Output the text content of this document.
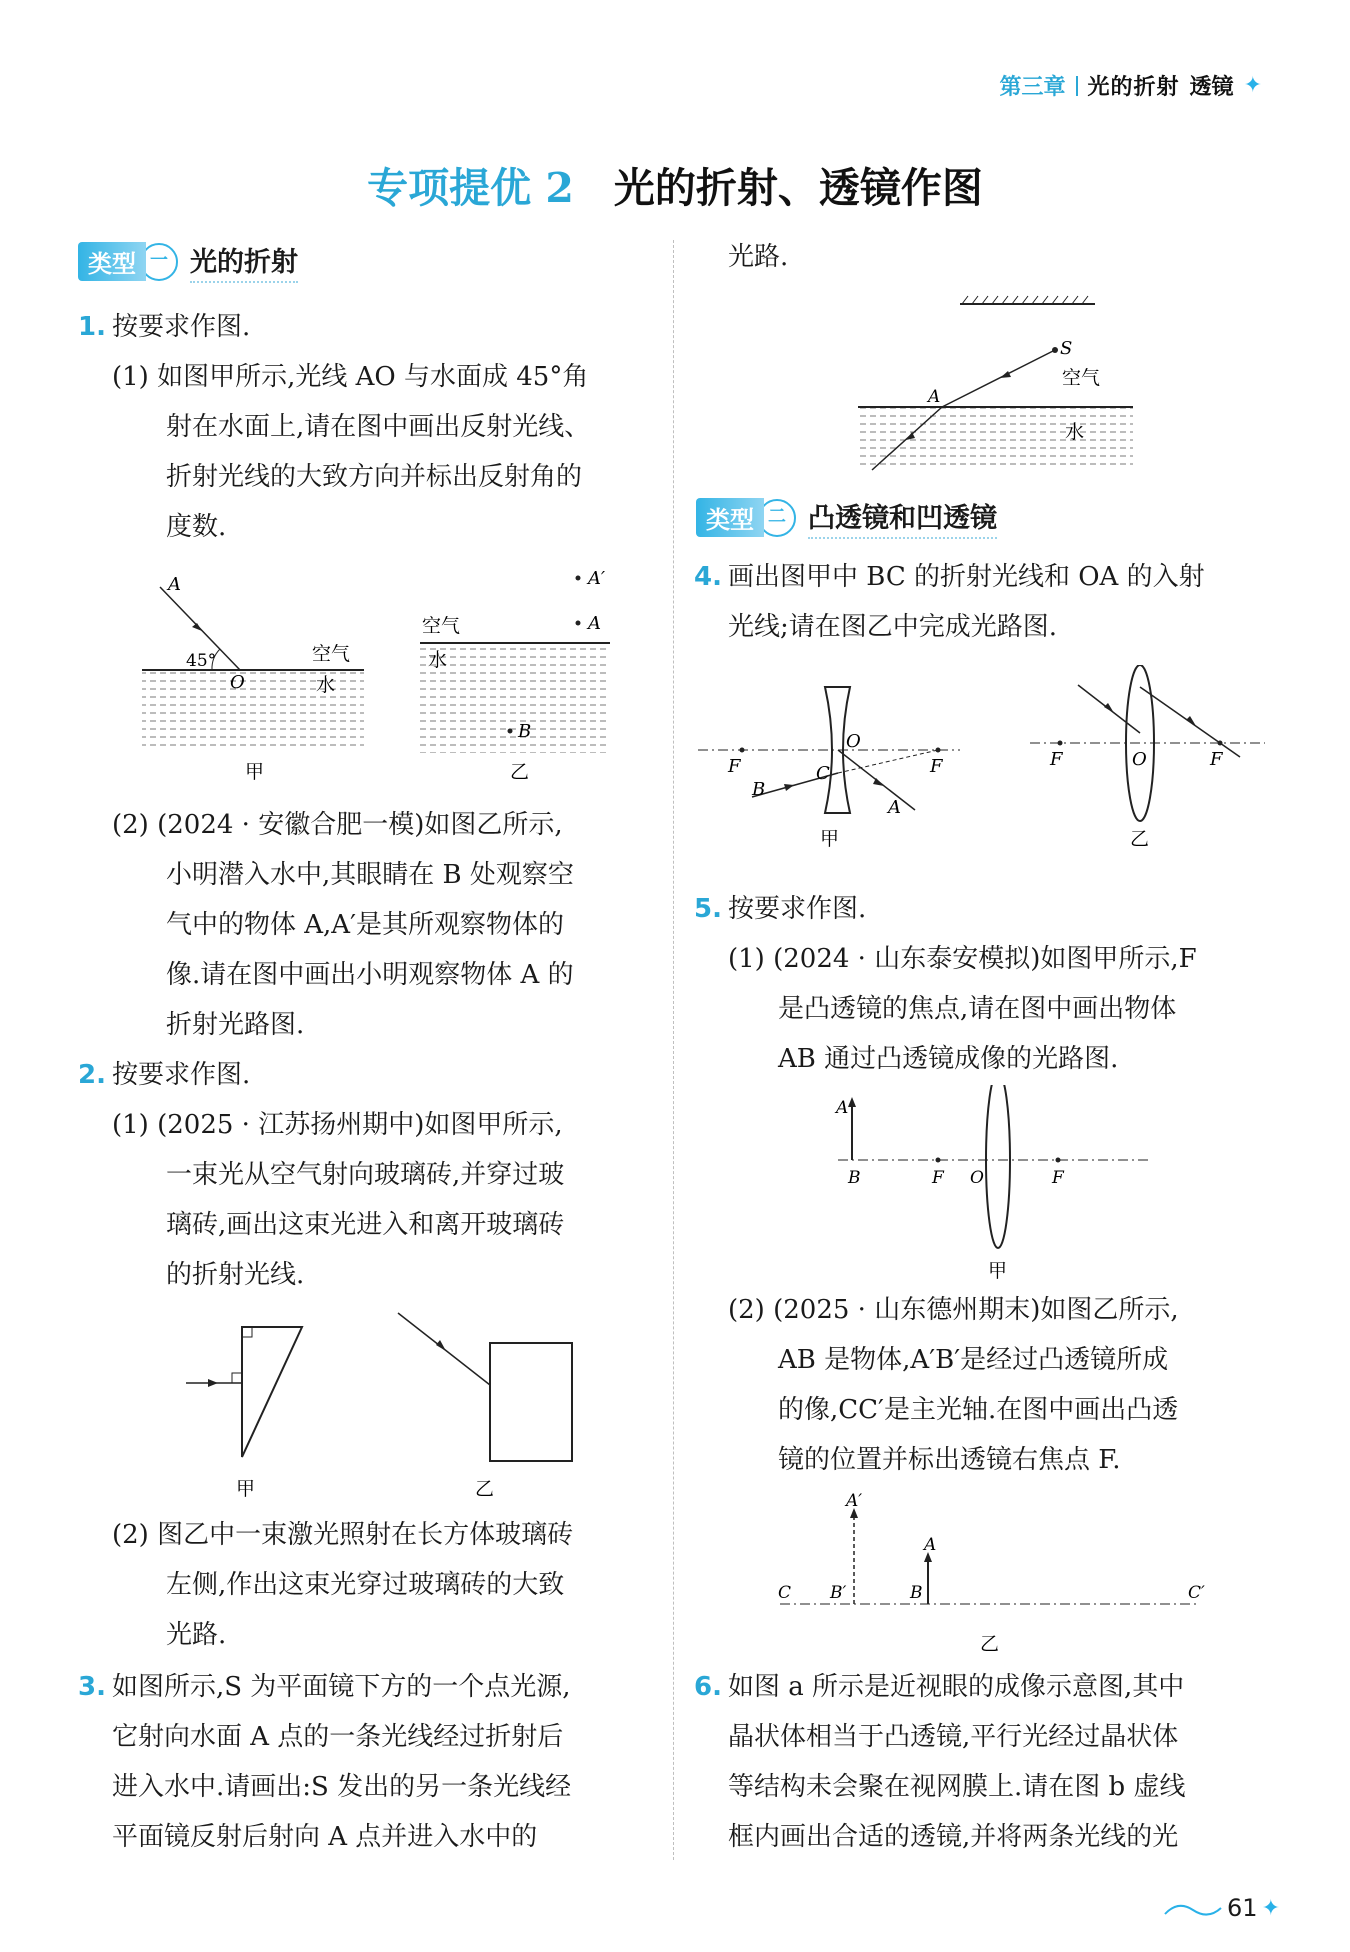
第三章 光的折射 透镜 ✦
专项提优 2 光的折射、透镜作图
类型 一 光的折射
1. 按要求作图.
(1) 如图甲所示,光线 AO 与水面成 45°角
射在水面上,请在图中画出反射光线、
折射光线的大致方向并标出反射角的
度数.
A
O
45°	空气
水
甲
A′
A
B
空气
水
乙
(2) (2024 · 安徽合肥一模)如图乙所示,
小明潜入水中,其眼睛在 B 处观察空
气中的物体 A,A′是其所观察物体的
像.请在图中画出小明观察物体 A 的
折射光路图.
2. 按要求作图.
(1) (2025 · 江苏扬州期中)如图甲所示,
一束光从空气射向玻璃砖,并穿过玻
璃砖,画出这束光进入和离开玻璃砖
的折射光线.
甲	乙
(2) 图乙中一束激光照射在长方体玻璃砖
左侧,作出这束光穿过玻璃砖的大致
光路.
3. 如图所示,S 为平面镜下方的一个点光源,
它射向水面 A 点的一条光线经过折射后
进入水中.请画出:S 发出的另一条光线经
平面镜反射后射向 A 点并进入水中的
光路.
S
A
空气
水
类型 二 凸透镜和凹透镜
4. 画出图甲中 BC 的折射光线和 OA 的入射
光线;请在图乙中完成光路图.
F	F
O
C
B
A
甲
F	O	F
乙
5. 按要求作图.
(1) (2024 · 山东泰安模拟)如图甲所示,F
是凸透镜的焦点,请在图中画出物体
AB 通过凸透镜成像的光路图.
A
B	F O	F
甲
(2) (2025 · 山东德州期末)如图乙所示,
AB 是物体,A′B′是经过凸透镜所成
的像,CC′是主光轴.在图中画出凸透
镜的位置并标出透镜右焦点 F.
A′
A
C B′	B	C′
乙
6. 如图 a 所示是近视眼的成像示意图,其中
晶状体相当于凸透镜,平行光经过晶状体
等结构未会聚在视网膜上.请在图 b 虚线
框内画出合适的透镜,并将两条光线的光
61 ✦
